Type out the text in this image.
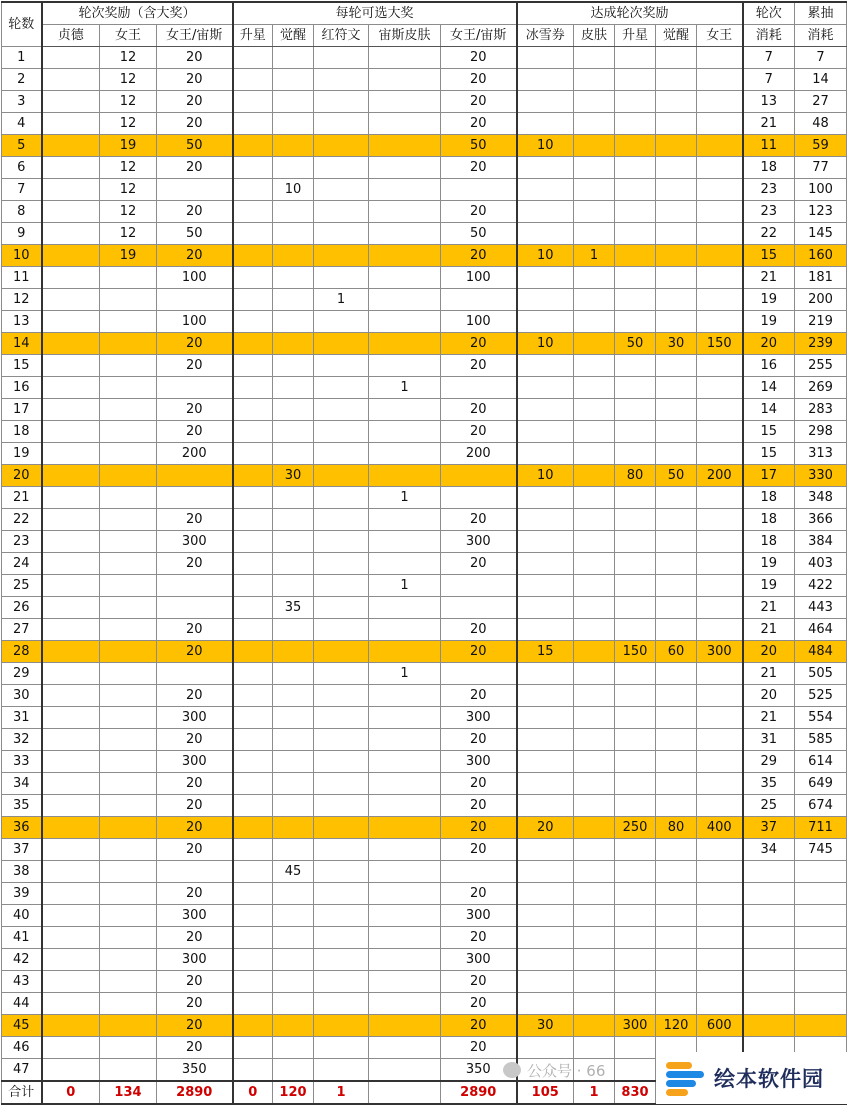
轮数	轮次奖励（含大奖）			每轮可选大奖					达成轮次奖励					轮次	累抽
	贞德	女王	女王/宙斯	升星	觉醒	红符文	宙斯皮肤	女王/宙斯	冰雪券	皮肤	升星	觉醒	女王	消耗	消耗
1		12	20					20						7	7
2		12	20					20						7	14
3		12	20					20						13	27
4		12	20					20						21	48
5		19	50					50	10					11	59
6		12	20					20						18	77
7		12			10									23	100
8		12	20					20						23	123
9		12	50					50						22	145
10		19	20					20	10	1				15	160
11			100					100						21	181
12						1								19	200
13			100					100						19	219
14			20					20	10		50	30	150	20	239
15			20					20						16	255
16							1							14	269
17			20					20						14	283
18			20					20						15	298
19			200					200						15	313
20					30				10		80	50	200	17	330
21							1							18	348
22			20					20						18	366
23			300					300						18	384
24			20					20						19	403
25							1							19	422
26					35									21	443
27			20					20						21	464
28			20					20	15		150	60	300	20	484
29							1							21	505
30			20					20						20	525
31			300					300						21	554
32			20					20						31	585
33			300					300						29	614
34			20					20						35	649
35			20					20						25	674
36			20					20	20		250	80	400	37	711
37			20					20						34	745
38					45										
39			20					20							
40			300					300							
41			20					20							
42			300					300							
43			20					20							
44			20					20							
45			20					20	30		300	120	600		
46			20					20							
47			350					350							
合计	0	134	2890	0	120	1		2890	105	1	830				
公众号 · 66	绘本软件园
